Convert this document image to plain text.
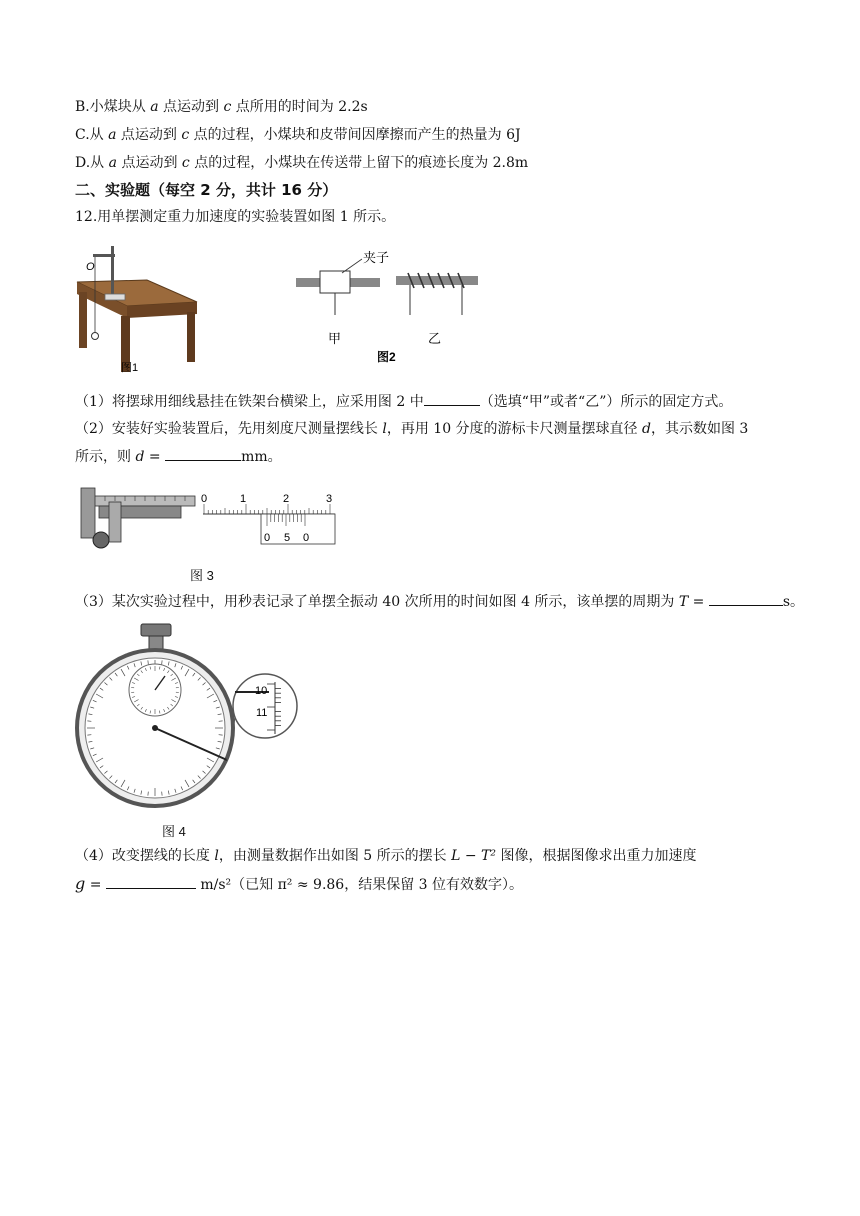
B.小煤块从 a 点运动到 c 点所用的时间为 2.2s
C.从 a 点运动到 c 点的过程，小煤块和皮带间因摩擦而产生的热量为 6J
D.从 a 点运动到 c 点的过程，小煤块在传送带上留下的痕迹长度为 2.8m
二、实验题（每空 2 分，共计 16 分）
12.用单摆测定重力加速度的实验装置如图 1 所示。
O
图1
夹子
甲	乙
图2
（1）将摆球用细线悬挂在铁架台横梁上，应采用图 2 中	（选填“甲”或者“乙”）所示的固定方式。
（2）安装好实验装置后，先用刻度尺测量摆线长 l，再用 10 分度的游标卡尺测量摆球直径 d，其示数如图 3
所示，则 d =	mm。
0	1	2	3
0 5 0
图 3
（3）某次实验过程中，用秒表记录了单摆全振动 40 次所用的时间如图 4 所示，该单摆的周期为 T =	s。
10
11
图 4
（4）改变摆线的长度 l，由测量数据作出如图 5 所示的摆长 L − T² 图像，根据图像求出重力加速度
g =	m/s²（已知 π² ≈ 9.86，结果保留 3 位有效数字）。
